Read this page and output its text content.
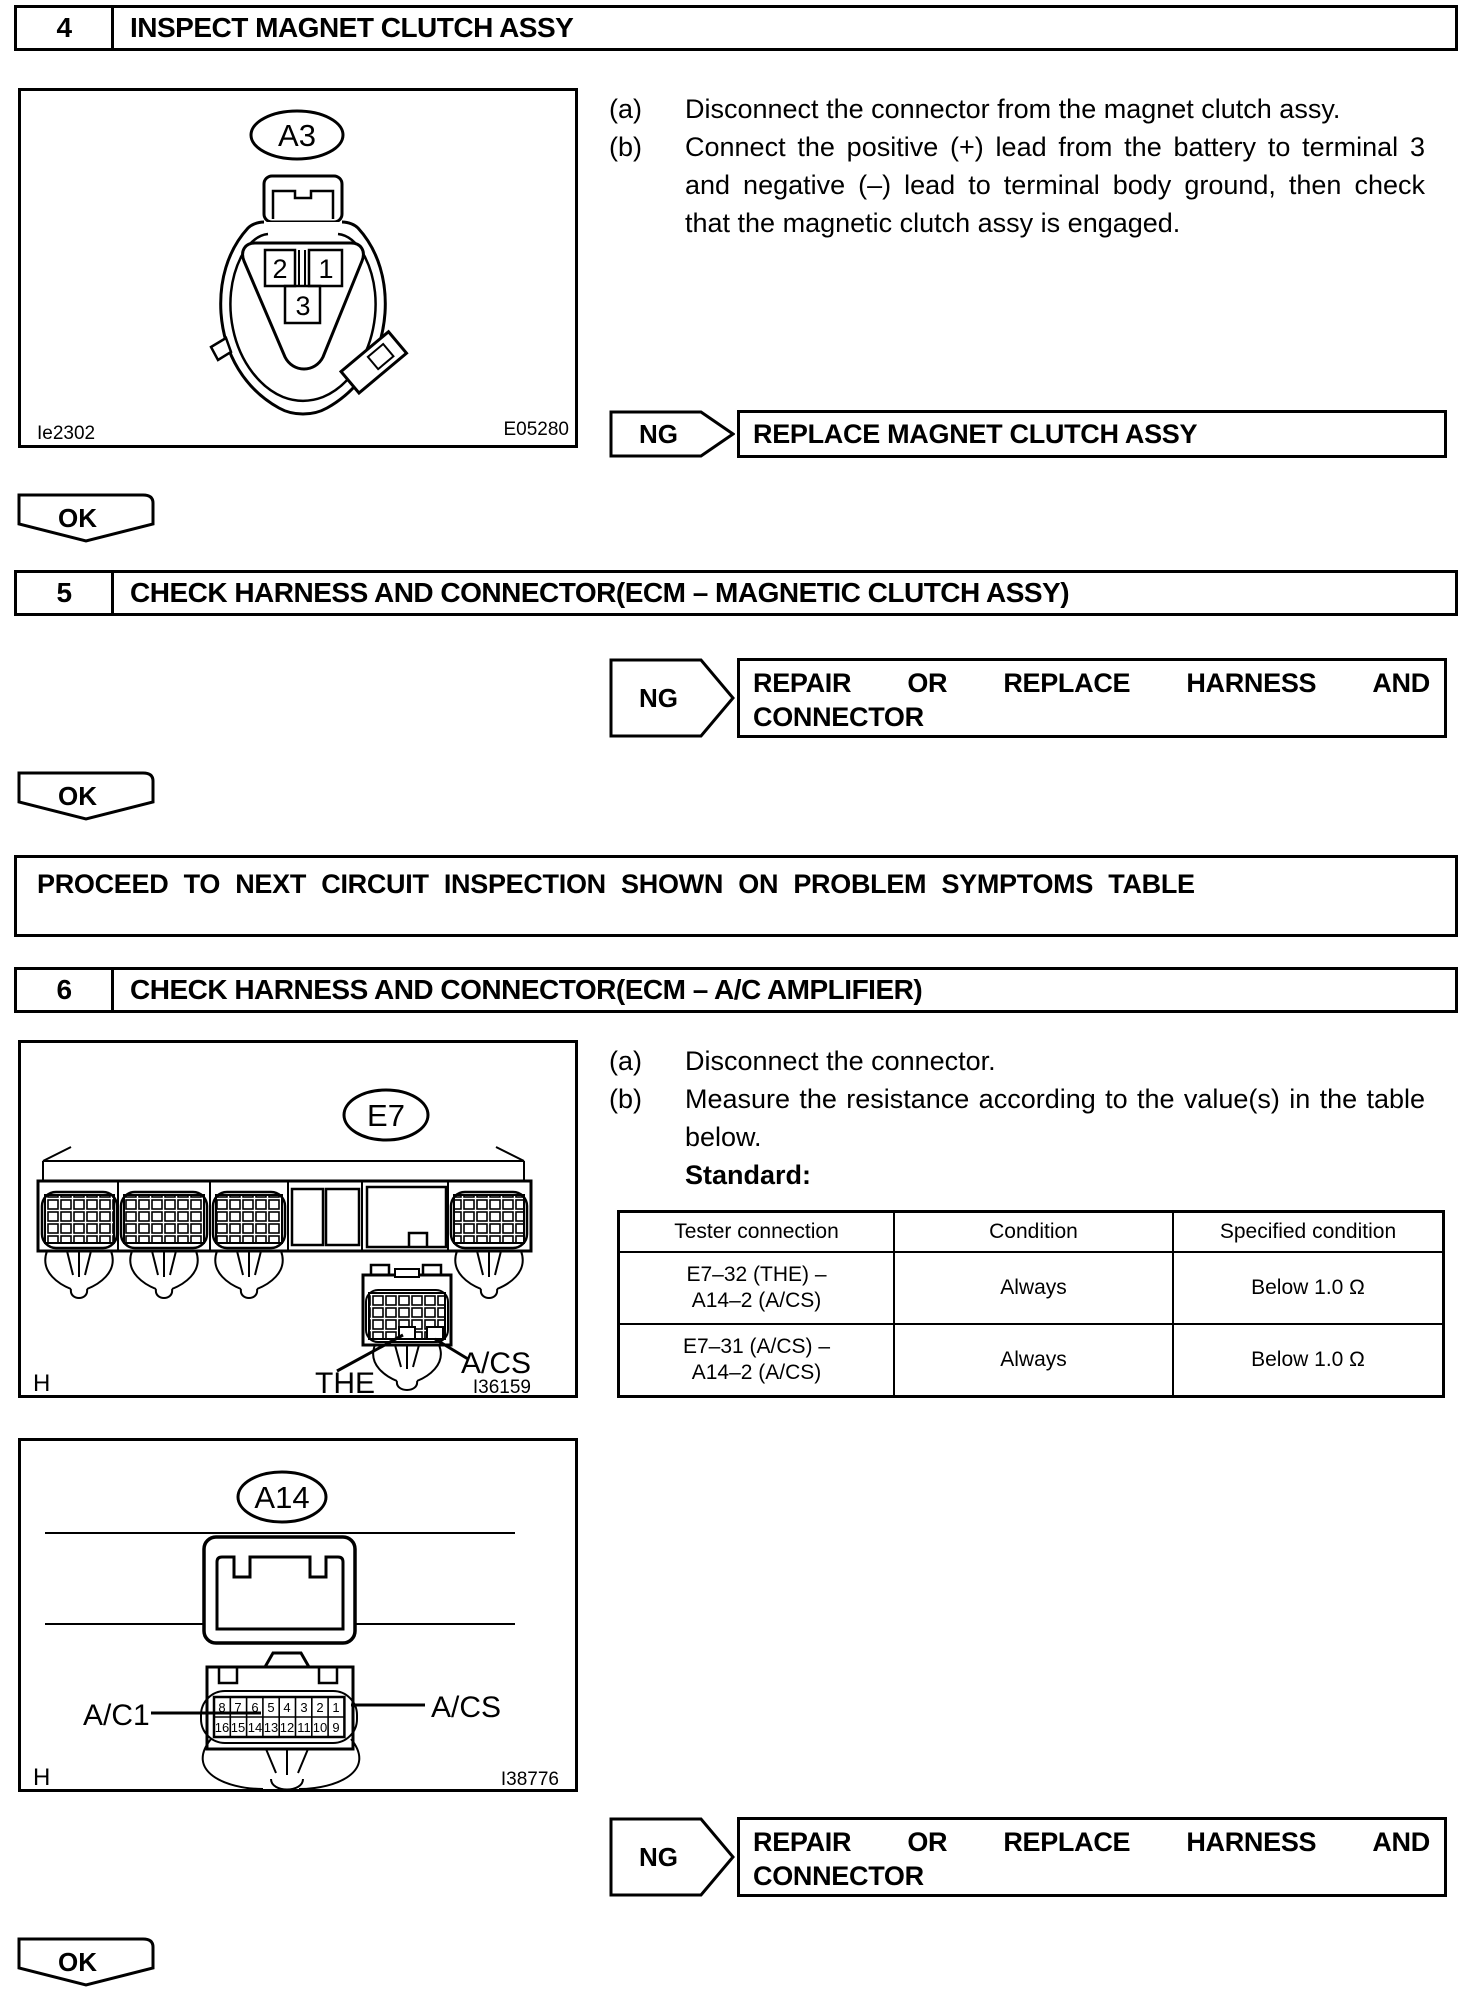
4	INSPECT MAGNET CLUTCH ASSY
A3
2 1
3
Ie2302	E05280
(a)	Disconnect the connector from the magnet clutch assy.
(b)	Connect the positive (+) lead from the battery to terminal 3 and negative (–) lead to terminal body ground, then check that the magnetic clutch assy is engaged.
NG	REPLACE MAGNET CLUTCH ASSY
OK
5	CHECK HARNESS AND CONNECTOR(ECM – MAGNETIC CLUTCH ASSY)
NG	REPAIR OR REPLACE HARNESS AND
CONNECTOR
OK
PROCEED TO NEXT CIRCUIT INSPECTION SHOWN ON PROBLEM SYMPTOMS TABLE
6	CHECK HARNESS AND CONNECTOR(ECM – A/C AMPLIFIER)
E7
THE
A/CS
H	I36159
(a)	Disconnect the connector.
(b)	Measure the resistance according to the value(s) in the table below.
Standard:
Tester connection	Condition	Specified condition

E7–32 (THE) –
A14–2 (A/CS)	Always	Below 1.0 Ω

E7–31 (A/CS) –
A14–2 (A/CS)	Always	Below 1.0 Ω
A14
8 7 6 5 4 3 2 1
16 15 14 13 12 11 10 9
A/C1	A/CS
H	I38776
NG	REPAIR OR REPLACE HARNESS AND
CONNECTOR
OK
